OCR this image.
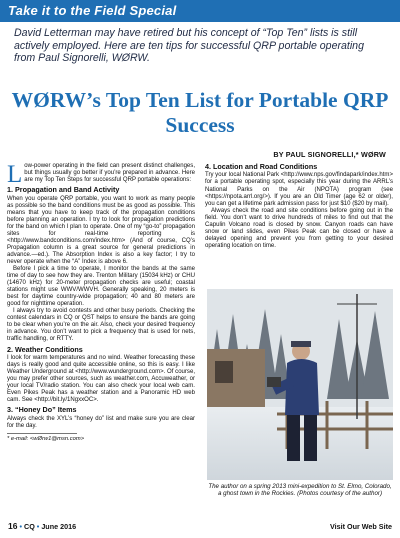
Take it to the Field Special
David Letterman may have retired but his concept of “Top Ten” lists is still actively employed. Here are ten tips for successful QRP portable operating from Paul Signorelli, WØRW.
WØRW’s Top Ten List for Portable QRP Success
BY PAUL SIGNORELLI,* WØRW

Low-power operating in the field can present distinct challenges, but things usually go better if you’re prepared in advance. Here are my Top Ten Steps for successful QRP portable operations:

1. Propagation and Band Activity

When you operate QRP portable, you want to work as many people as possible so the band conditions must be as good as possible. This means that you have to keep track of the propagation conditions before planning an operation. I try to look for propagation predictions for the band on which I plan to operate. One of my “go-to” propagation sites for real-time reporting is <http://www.bandconditions.com/index.htm> (And of course, CQ’s Propagation column is a great source for general predictions in advance.—ed.). The Absorption Index is also a key factor; I try to never operate when the “A” Index is above 6.

Before I pick a time to operate, I monitor the bands at the same time of day to see how they are. Trenton Military (15034 kHz) or CHU (14670 kHz) for 20-meter propagation checks are useful; coastal stations might use WWV/WWVH. Generally speaking, 20 meters is best for daytime country-wide propagation; 40 and 80 meters are good for nighttime operation.

I always try to avoid contests and other busy periods. Checking the contest calendars in CQ or QST helps to ensure the bands are going to be clear when you’re on the air. Also, check your desired frequency in advance. You don’t want to pick a frequency that is used for nets, traffic handling, or RTTY.

2. Weather Conditions

I look for warm temperatures and no wind. Weather forecasting these days is really good and quite accessible online, so this is easy. I like Weather Underground at <http://www.wunderground.com>. Of course, you may prefer other sources, such as weather.com, Accuweather, or your local TV/radio station. You can also check your local web cam. Even Pikes Peak has a weather station and a Panoramic HD web cam. See <http://bit.ly/1NgxxOC>.

3. “Honey Do” Items

Always check the XYL’s “honey do” list and make sure you are clear for the day.

* e-mail: <wØrw1@msn.com>
4. Location and Road Conditions

Try your local National Park <http://www.nps.gov/findapark/index.htm> for a portable operating spot, especially this year during the ARRL’s National Parks on the Air (NPOTA) program (see <https://npota.arrl.org/>). If you are an Old Timer (age 62 or older), you can get a lifetime park admission pass for just $10 ($20 by mail).

Always check the road and site conditions before going out in the field. You don’t want to drive hundreds of miles to find out that the Capulin Volcano road is closed by snow. Canyon roads can have snow or land slides, even Pikes Peak can be closed or have a delayed opening and prevent you from getting to your desired operating location on time.

The author on a spring 2013 mini-expedition to St. Elmo, Colorado, a ghost town in the Rockies. (Photos courtesy of the author)
16 • CQ • June 2016	Visit Our Web Site
